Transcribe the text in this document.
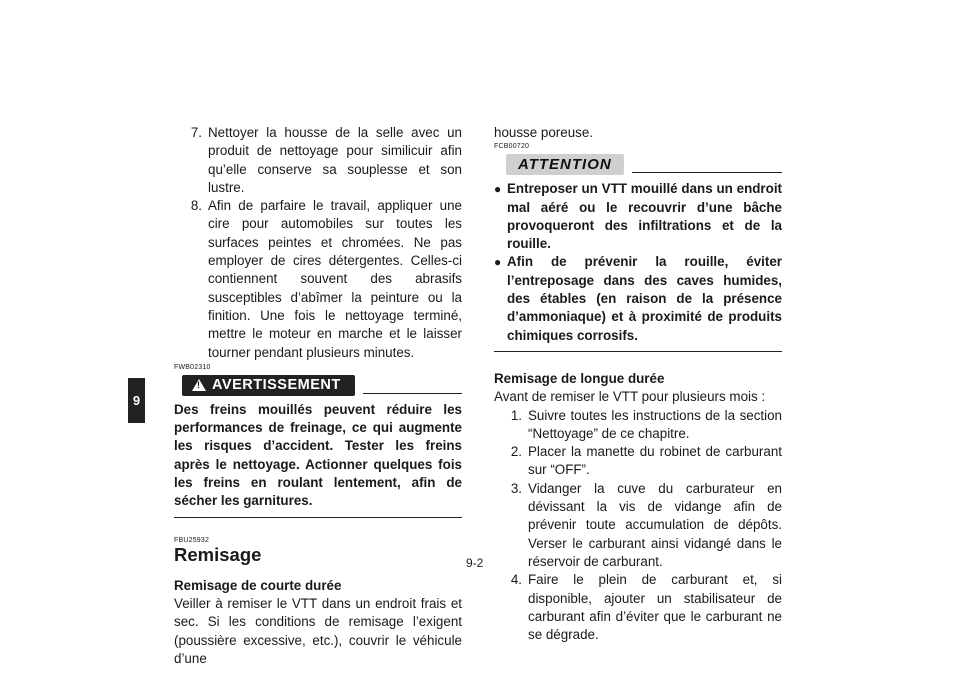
9
7. Nettoyer la housse de la selle avec un produit de nettoyage pour similicuir afin qu’elle conserve sa souplesse et son lustre.
8. Afin de parfaire le travail, appliquer une cire pour automobiles sur toutes les surfaces peintes et chromées. Ne pas employer de cires détergentes. Celles-ci contiennent souvent des abrasifs susceptibles d’abîmer la peinture ou la finition. Une fois le nettoyage terminé, mettre le moteur en marche et le laisser tourner pendant plusieurs minutes.
FWB02310
! AVERTISSEMENT
Des freins mouillés peuvent réduire les performances de freinage, ce qui augmente les risques d’accident. Tester les freins après le nettoyage. Actionner quelques fois les freins en roulant lentement, afin de sécher les garnitures.
FBU25932
Remisage
Remisage de courte durée

Veiller à remiser le VTT dans un endroit frais et sec. Si les conditions de remisage l’exigent (poussière excessive, etc.), couvrir le véhicule d’une

housse poreuse.

FCB00720
ATTENTION
● Entreposer un VTT mouillé dans un endroit mal aéré ou le recouvrir d’une bâche provoqueront des infiltrations et de la rouille.
● Afin de prévenir la rouille, éviter l’entreposage dans des caves humides, des étables (en raison de la présence d’ammoniaque) et à proximité de produits chimiques corrosifs.
Remisage de longue durée

Avant de remiser le VTT pour plusieurs mois :

1. Suivre toutes les instructions de la section “Nettoyage” de ce chapitre.
2. Placer la manette du robinet de carburant sur “OFF”.
3. Vidanger la cuve du carburateur en dévissant la vis de vidange afin de prévenir toute accumulation de dépôts. Verser le carburant ainsi vidangé dans le réservoir de carburant.
4. Faire le plein de carburant et, si disponible, ajouter un stabilisateur de carburant afin d’éviter que le carburant ne se dégrade.
9-2
